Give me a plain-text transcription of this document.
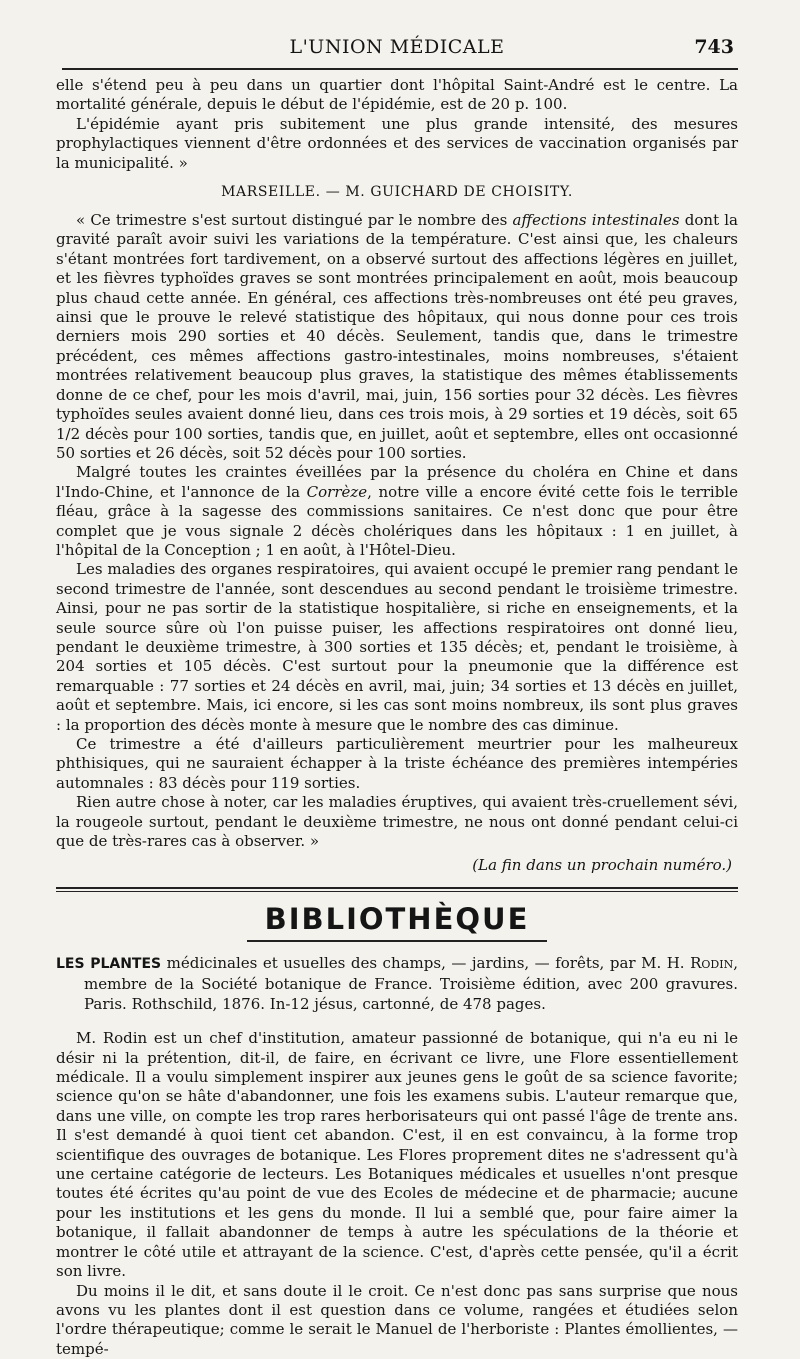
L'UNION MÉDICALE	743

elle s'étend peu à peu dans un quartier dont l'hôpital Saint-André est le centre. La mortalité générale, depuis le début de l'épidémie, est de 20 p. 100.

L'épidémie ayant pris subitement une plus grande intensité, des mesures prophylactiques viennent d'être ordonnées et des services de vaccination organisés par la municipalité. »

MARSEILLE. — M. GUICHARD DE CHOISITY.

« Ce trimestre s'est surtout distingué par le nombre des affections intestinales dont la gravité paraît avoir suivi les variations de la température. C'est ainsi que, les chaleurs s'étant montrées fort tardivement, on a observé surtout des affections légères en juillet, et les fièvres typhoïdes graves se sont montrées principalement en août, mois beaucoup plus chaud cette année. En général, ces affections très-nombreuses ont été peu graves, ainsi que le prouve le relevé statistique des hôpitaux, qui nous donne pour ces trois derniers mois 290 sorties et 40 décès. Seulement, tandis que, dans le trimestre précédent, ces mêmes affections gastro-intestinales, moins nombreuses, s'étaient montrées relativement beaucoup plus graves, la statistique des mêmes établissements donne de ce chef, pour les mois d'avril, mai, juin, 156 sorties pour 32 décès. Les fièvres typhoïdes seules avaient donné lieu, dans ces trois mois, à 29 sorties et 19 décès, soit 65 1/2 décès pour 100 sorties, tandis que, en juillet, août et septembre, elles ont occasionné 50 sorties et 26 décès, soit 52 décès pour 100 sorties.

Malgré toutes les craintes éveillées par la présence du choléra en Chine et dans l'Indo-Chine, et l'annonce de la Corrèze, notre ville a encore évité cette fois le terrible fléau, grâce à la sagesse des commissions sanitaires. Ce n'est donc que pour être complet que je vous signale 2 décès cholériques dans les hôpitaux : 1 en juillet, à l'hôpital de la Conception ; 1 en août, à l'Hôtel-Dieu.

Les maladies des organes respiratoires, qui avaient occupé le premier rang pendant le second trimestre de l'année, sont descendues au second pendant le troisième trimestre. Ainsi, pour ne pas sortir de la statistique hospitalière, si riche en enseignements, et la seule source sûre où l'on puisse puiser, les affections respiratoires ont donné lieu, pendant le deuxième trimestre, à 300 sorties et 135 décès; et, pendant le troisième, à 204 sorties et 105 décès. C'est surtout pour la pneumonie que la différence est remarquable : 77 sorties et 24 décès en avril, mai, juin; 34 sorties et 13 décès en juillet, août et septembre. Mais, ici encore, si les cas sont moins nombreux, ils sont plus graves : la proportion des décès monte à mesure que le nombre des cas diminue.

Ce trimestre a été d'ailleurs particulièrement meurtrier pour les malheureux phthisiques, qui ne sauraient échapper à la triste échéance des premières intempéries automnales : 83 décès pour 119 sorties.

Rien autre chose à noter, car les maladies éruptives, qui avaient très-cruellement sévi, la rougeole surtout, pendant le deuxième trimestre, ne nous ont donné pendant celui-ci que de très-rares cas à observer. »

(La fin dans un prochain numéro.)
BIBLIOTHÈQUE

LES PLANTES médicinales et usuelles des champs, — jardins, — forêts, par M. H. Rodin, membre de la Société botanique de France. Troisième édition, avec 200 gravures. Paris. Rothschild, 1876. In-12 jésus, cartonné, de 478 pages.

M. Rodin est un chef d'institution, amateur passionné de botanique, qui n'a eu ni le désir ni la prétention, dit-il, de faire, en écrivant ce livre, une Flore essentiellement médicale. Il a voulu simplement inspirer aux jeunes gens le goût de sa science favorite; science qu'on se hâte d'abandonner, une fois les examens subis. L'auteur remarque que, dans une ville, on compte les trop rares herborisateurs qui ont passé l'âge de trente ans. Il s'est demandé à quoi tient cet abandon. C'est, il en est convaincu, à la forme trop scientifique des ouvrages de botanique. Les Flores proprement dites ne s'adressent qu'à une certaine catégorie de lecteurs. Les Botaniques médicales et usuelles n'ont presque toutes été écrites qu'au point de vue des Ecoles de médecine et de pharmacie; aucune pour les institutions et les gens du monde. Il lui a semblé que, pour faire aimer la botanique, il fallait abandonner de temps à autre les spéculations de la théorie et montrer le côté utile et attrayant de la science. C'est, d'après cette pensée, qu'il a écrit son livre.

Du moins il le dit, et sans doute il le croit. Ce n'est donc pas sans surprise que nous avons vu les plantes dont il est question dans ce volume, rangées et étudiées selon l'ordre thérapeutique; comme le serait le Manuel de l'herboriste : Plantes émollientes, — tempé-
